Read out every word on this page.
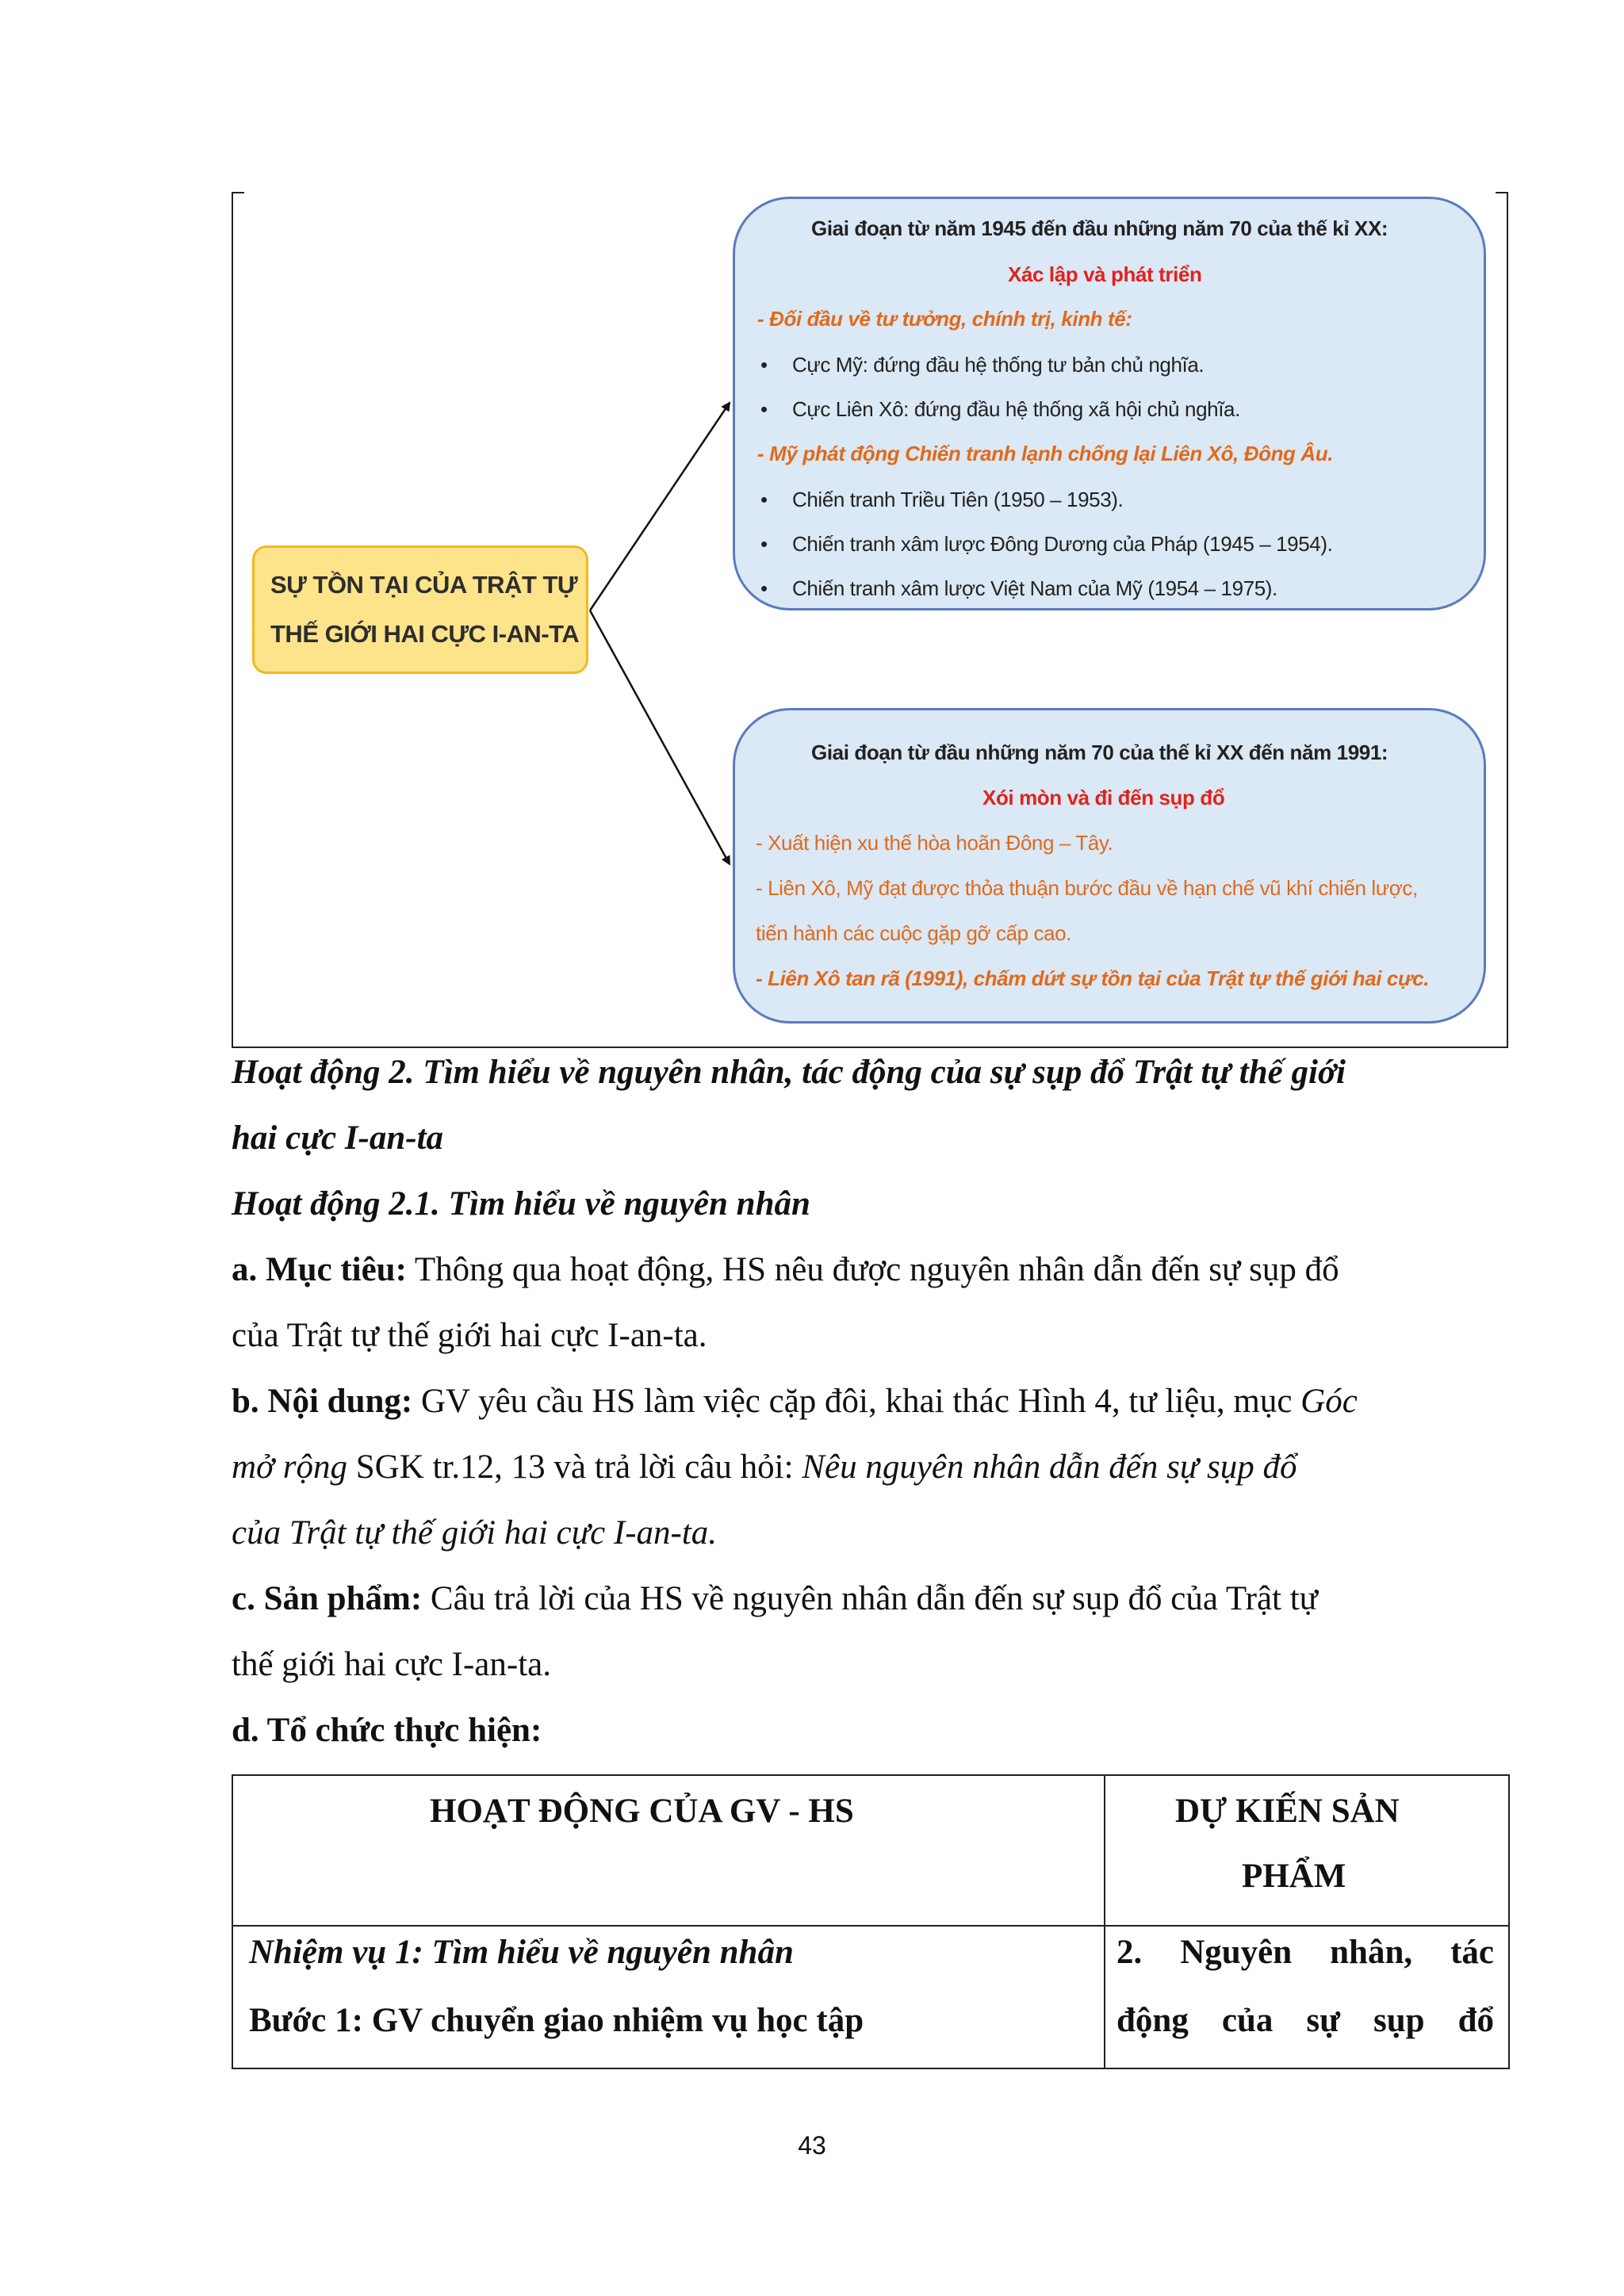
SỰ TỒN TẠI CỦA TRẬT TỰ
THẾ GIỚI HAI CỰC I-AN-TA
Giai đoạn từ năm 1945 đến đầu những năm 70 của thế kỉ XX:
Xác lập và phát triển
- Đối đầu về tư tưởng, chính trị, kinh tế:
• Cực Mỹ: đứng đầu hệ thống tư bản chủ nghĩa.
• Cực Liên Xô: đứng đầu hệ thống xã hội chủ nghĩa.
- Mỹ phát động Chiến tranh lạnh chống lại Liên Xô, Đông Âu.
• Chiến tranh Triều Tiên (1950 – 1953).
• Chiến tranh xâm lược Đông Dương của Pháp (1945 – 1954).
• Chiến tranh xâm lược Việt Nam của Mỹ (1954 – 1975).
Giai đoạn từ đầu những năm 70 của thế kỉ XX đến năm 1991:
Xói mòn và đi đến sụp đổ
- Xuất hiện xu thế hòa hoãn Đông – Tây.
- Liên Xô, Mỹ đạt được thỏa thuận bước đầu về hạn chế vũ khí chiến lược,
tiến hành các cuộc gặp gỡ cấp cao.
- Liên Xô tan rã (1991), chấm dứt sự tồn tại của Trật tự thế giới hai cực.
Hoạt động 2. Tìm hiểu về nguyên nhân, tác động của sự sụp đổ Trật tự thế giới
hai cực I-an-ta
Hoạt động 2.1. Tìm hiểu về nguyên nhân
a. Mục tiêu: Thông qua hoạt động, HS nêu được nguyên nhân dẫn đến sự sụp đổ
của Trật tự thế giới hai cực I-an-ta.
b. Nội dung: GV yêu cầu HS làm việc cặp đôi, khai thác Hình 4, tư liệu, mục Góc
mở rộng SGK tr.12, 13 và trả lời câu hỏi: Nêu nguyên nhân dẫn đến sự sụp đổ
của Trật tự thế giới hai cực I-an-ta.
c. Sản phẩm: Câu trả lời của HS về nguyên nhân dẫn đến sự sụp đổ của Trật tự
thế giới hai cực I-an-ta.
d. Tổ chức thực hiện:
HOẠT ĐỘNG CỦA GV - HS	DỰ KIẾN SẢN
PHẨM
Nhiệm vụ 1: Tìm hiểu về nguyên nhân
Bước 1: GV chuyển giao nhiệm vụ học tập
2. Nguyên nhân, tác
động của sự sụp đổ
43
